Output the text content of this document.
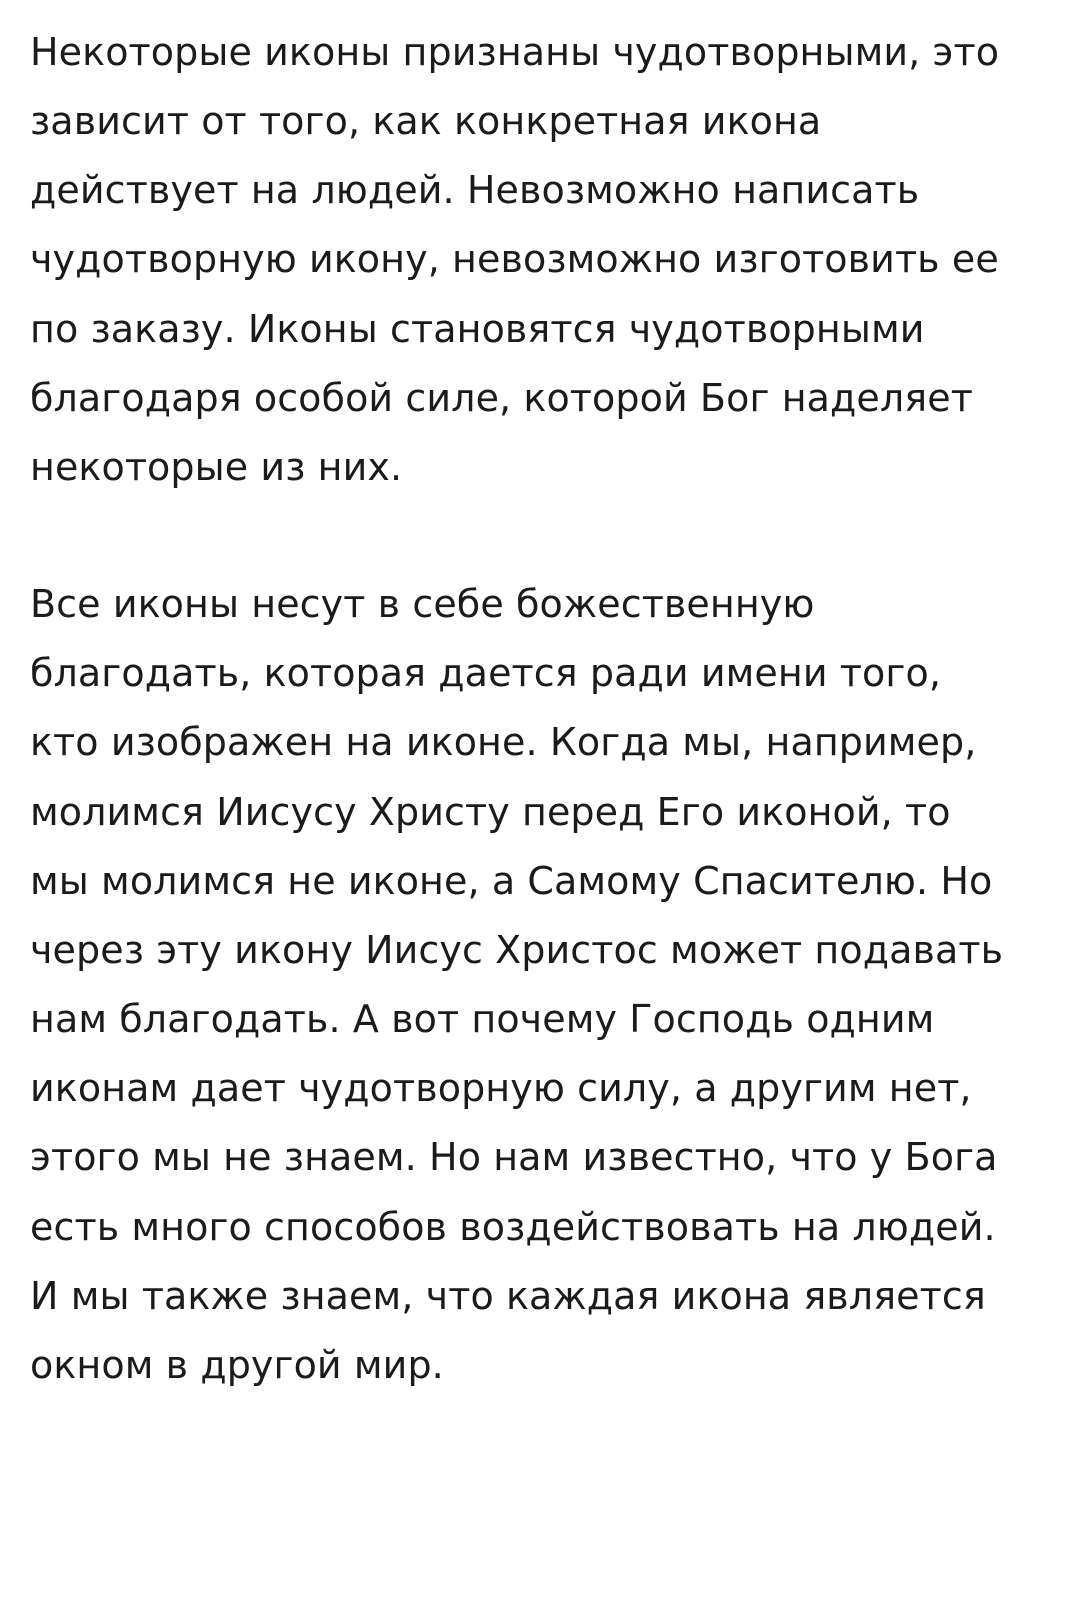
Некоторые иконы признаны чудотворными, это зависит от того, как конкретная икона действует на людей. Невозможно написать чудотворную икону, невозможно изготовить ее по заказу. Иконы становятся чудотворными благодаря особой силе, которой Бог наделяет некоторые из них.

Все иконы несут в себе божественную благодать, которая дается ради имени того, кто изображен на иконе. Когда мы, например, молимся Иисусу Христу перед Его иконой, то мы молимся не иконе, а Самому Спасителю. Но через эту икону Иисус Христос может подавать нам благодать. А вот почему Господь одним иконам дает чудотворную силу, а другим нет, этого мы не знаем. Но нам известно, что у Бога есть много способов воздействовать на людей. И мы также знаем, что каждая икона является окном в другой мир.
